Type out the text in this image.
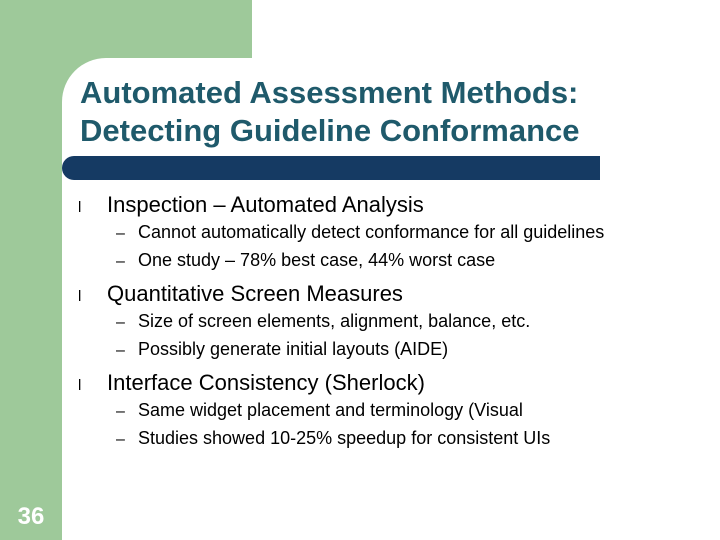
Automated Assessment Methods:
Detecting Guideline Conformance
l	Inspection – Automated Analysis
– Cannot automatically detect conformance for all guidelines
– One study – 78% best case, 44% worst case
l	Quantitative Screen Measures
– Size of screen elements, alignment, balance, etc.
– Possibly generate initial layouts (AIDE)
l	Interface Consistency (Sherlock)
– Same widget placement and terminology (Visual
– Studies showed 10-25% speedup for consistent UIs
36
